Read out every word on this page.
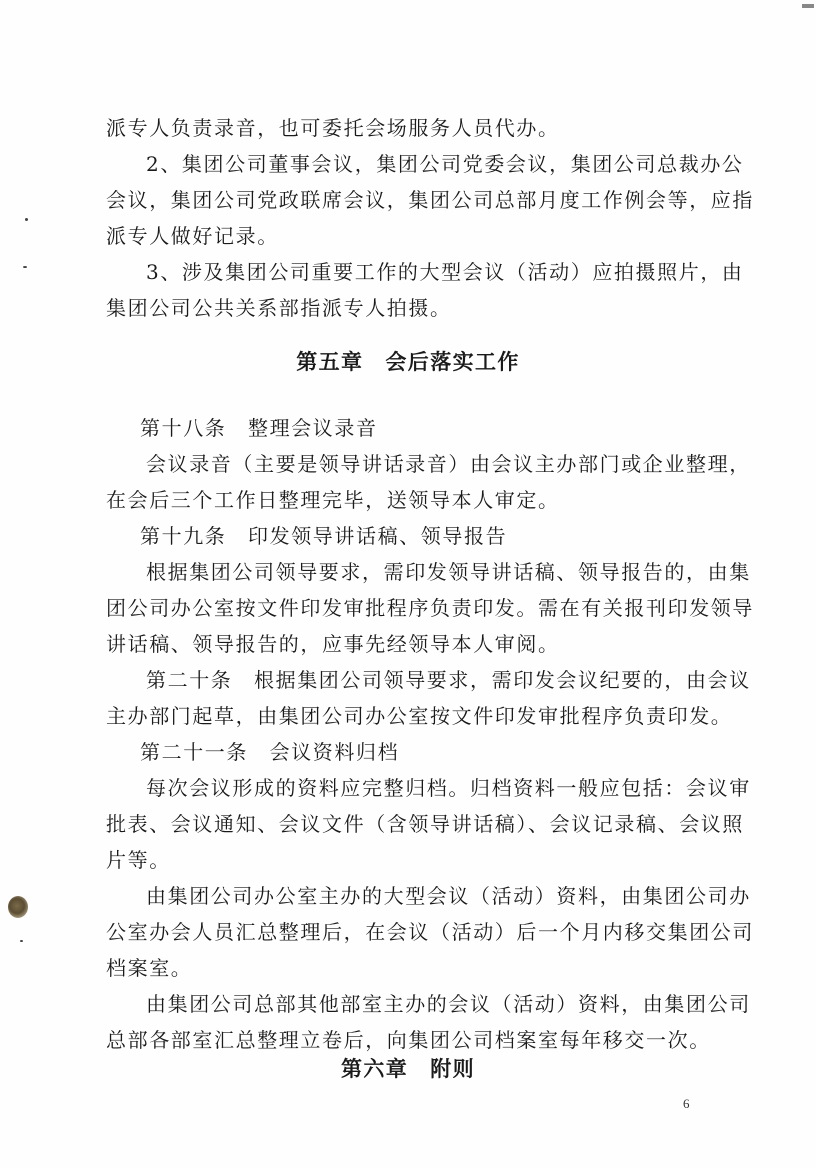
派专人负责录音，也可委托会场服务人员代办。
2、集团公司董事会议，集团公司党委会议，集团公司总裁办公
会议，集团公司党政联席会议，集团公司总部月度工作例会等，应指
派专人做好记录。
3、涉及集团公司重要工作的大型会议（活动）应拍摄照片，由
集团公司公共关系部指派专人拍摄。
第五章 会后落实工作
第十八条　整理会议录音
会议录音（主要是领导讲话录音）由会议主办部门或企业整理，
在会后三个工作日整理完毕，送领导本人审定。
第十九条　印发领导讲话稿、领导报告
根据集团公司领导要求，需印发领导讲话稿、领导报告的，由集
团公司办公室按文件印发审批程序负责印发。需在有关报刊印发领导
讲话稿、领导报告的，应事先经领导本人审阅。
第二十条　根据集团公司领导要求，需印发会议纪要的，由会议
主办部门起草，由集团公司办公室按文件印发审批程序负责印发。
第二十一条　会议资料归档
每次会议形成的资料应完整归档。归档资料一般应包括：会议审
批表、会议通知、会议文件（含领导讲话稿）、会议记录稿、会议照
片等。
由集团公司办公室主办的大型会议（活动）资料，由集团公司办
公室办会人员汇总整理后，在会议（活动）后一个月内移交集团公司
档案室。
由集团公司总部其他部室主办的会议（活动）资料，由集团公司
总部各部室汇总整理立卷后，向集团公司档案室每年移交一次。
第六章 附则
6
